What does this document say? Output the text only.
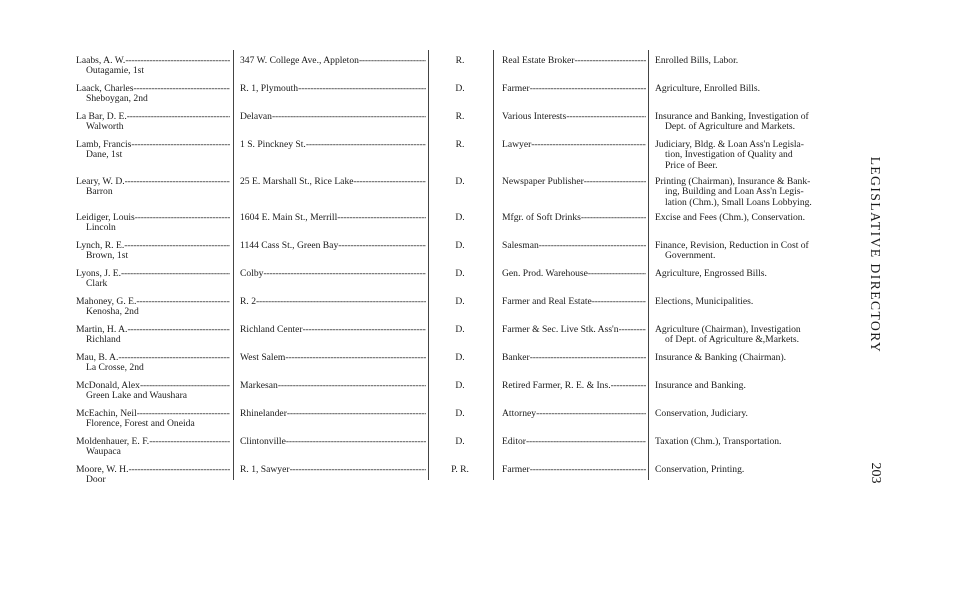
Laabs, A. W. -----
Outagamie, 1st
347 W. College Ave., Appleton -----	R.	Real Estate Broker -----	Enrolled Bills, Labor.
Laack, Charles -----
Sheboygan, 2nd
R. 1, Plymouth -----	D.	Farmer -----	Agriculture, Enrolled Bills.
La Bar, D. E. -----
Walworth
Delavan -----	R.	Various Interests -----	Insurance and Banking, Investigation of
Dept. of Agriculture and Markets.
Lamb, Francis -----
Dane, 1st
1 S. Pinckney St. -----	R.	Lawyer -----	Judiciary, Bldg. & Loan Ass'n Legisla-
tion, Investigation of Quality and
Price of Beer.
Leary, W. D. -----
Barron
25 E. Marshall St., Rice Lake -----	D.	Newspaper Publisher -----	Printing (Chairman), Insurance & Bank-
ing, Building and Loan Ass'n Legis-
lation (Chm.), Small Loans Lobbying.
Leidiger, Louis -----
Lincoln
1604 E. Main St., Merrill -----	D.	Mfgr. of Soft Drinks -----	Excise and Fees (Chm.), Conservation.
Lynch, R. E. -----
Brown, 1st
1144 Cass St., Green Bay -----	D.	Salesman -----	Finance, Revision, Reduction in Cost of
Government.
Lyons, J. E. -----
Clark
Colby -----	D.	Gen. Prod. Warehouse -----	Agriculture, Engrossed Bills.
Mahoney, G. E. -----
Kenosha, 2nd
R. 2 -----	D.	Farmer and Real Estate -----	Elections, Municipalities.
Martin, H. A. -----
Richland
Richland Center -----	D.	Farmer & Sec. Live Stk. Ass'n -----	Agriculture (Chairman), Investigation
of Dept. of Agriculture &,Markets.
Mau, B. A. -----
La Crosse, 2nd
West Salem -----	D.	Banker -----	Insurance & Banking (Chairman).
McDonald, Alex -----
Green Lake and Waushara
Markesan -----	D.	Retired Farmer, R. E. & Ins. -----	Insurance and Banking.
McEachin, Neil -----
Florence, Forest and Oneida
Rhinelander -----	D.	Attorney -----	Conservation, Judiciary.
Moldenhauer, E. F. -----
Waupaca
Clintonville -----	D.	Editor -----	Taxation (Chm.), Transportation.
Moore, W. H. -----
Door
R. 1, Sawyer -----	P. R.	Farmer -----	Conservation, Printing.
LEGISLATIVE DIRECTORY
203
